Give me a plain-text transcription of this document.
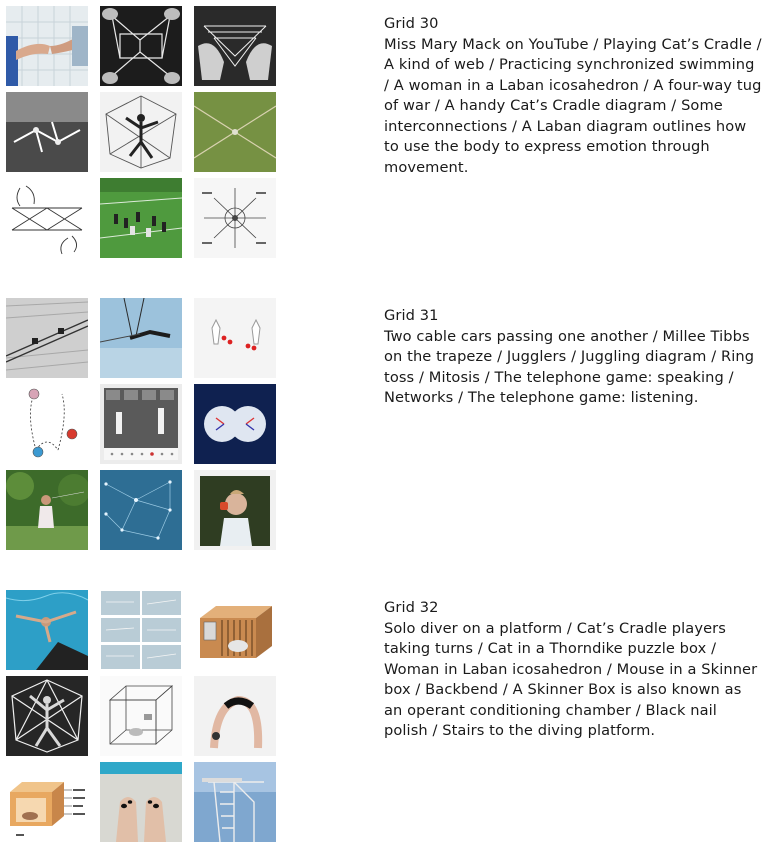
Grid 30
Miss Mary Mack on YouTube / Playing Cat’s Cradle / A kind of web / Practicing synchronized swimming / A woman in a Laban icosahedron / A four-way tug of war / A handy Cat’s Cradle diagram / Some interconnections / A Laban diagram outlines how to use the body to express emotion through movement.
Grid 31
Two cable cars passing one another / Millee Tibbs on the trapeze / Jugglers / Juggling diagram / Ring toss / Mitosis / The telephone game: speaking / Networks / The telephone game: listening.
Grid 32
Solo diver on a platform / Cat’s Cradle players taking turns / Cat in a Thorndike puzzle box / Woman in Laban icosahedron / Mouse in a Skinner box / Backbend / A Skinner Box is also known as an operant conditioning chamber / Black nail polish / Stairs to the diving platform.
